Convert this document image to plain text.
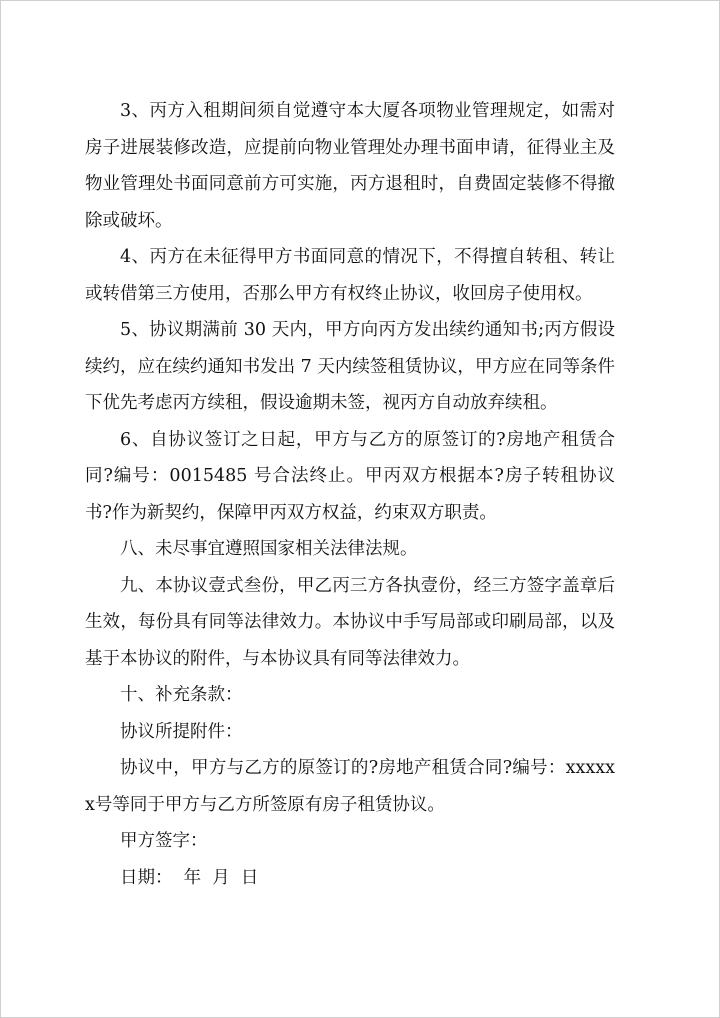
3、丙方入租期间须自觉遵守本大厦各项物业管理规定，如需对房子进展装修改造，应提前向物业管理处办理书面申请，征得业主及物业管理处书面同意前方可实施，丙方退租时，自费固定装修不得撤除或破坏。

4、丙方在未征得甲方书面同意的情况下，不得擅自转租、转让或转借第三方使用，否那么甲方有权终止协议，收回房子使用权。

5、协议期满前 30 天内，甲方向丙方发出续约通知书;丙方假设续约，应在续约通知书发出 7 天内续签租赁协议，甲方应在同等条件下优先考虑丙方续租，假设逾期未签，视丙方自动放弃续租。

6、自协议签订之日起，甲方与乙方的原签订的?房地产租赁合同?编号：0015485 号合法终止。甲丙双方根据本?房子转租协议书?作为新契约，保障甲丙双方权益，约束双方职责。

八、未尽事宜遵照国家相关法律法规。

九、本协议壹式叁份，甲乙丙三方各执壹份，经三方签字盖章后生效，每份具有同等法律效力。本协议中手写局部或印刷局部，以及基于本协议的附件，与本协议具有同等法律效力。

十、补充条款：

协议所提附件：

协议中，甲方与乙方的原签订的?房地产租赁合同?编号：xxxxxx号等同于甲方与乙方所签原有房子租赁协议。

甲方签字：

日期：  年  月  日
